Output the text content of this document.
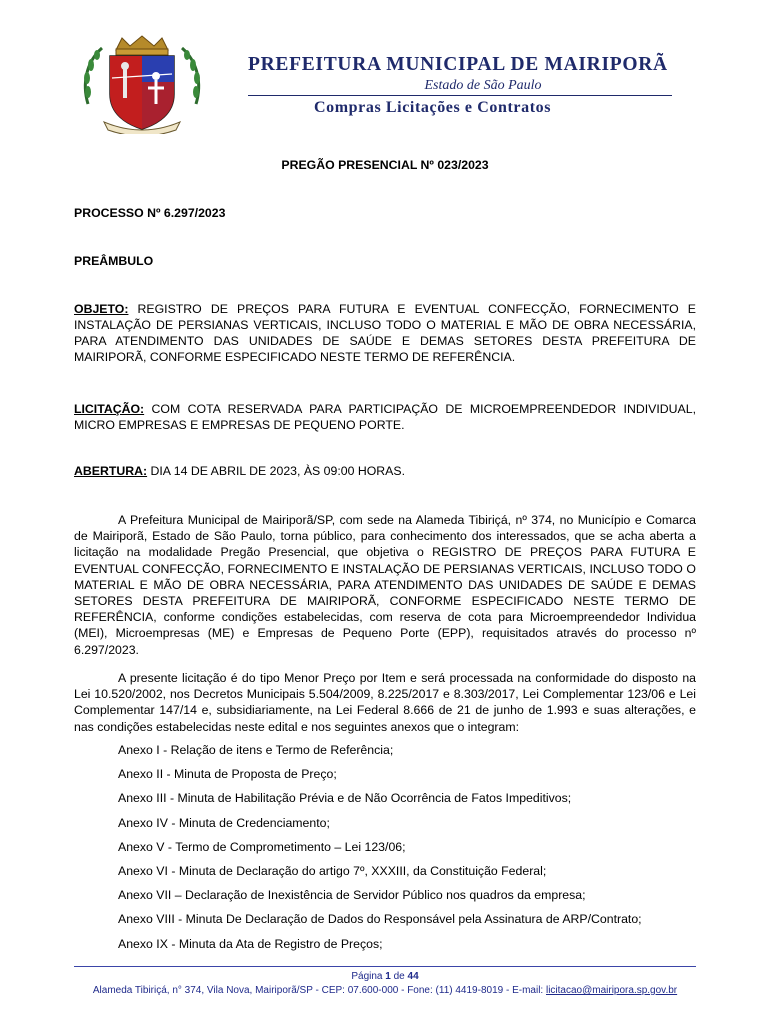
PREFEITURA MUNICIPAL DE MAIRIPORÃ
Estado de São Paulo
Compras Licitações e Contratos
PREGÃO PRESENCIAL Nº 023/2023
PROCESSO Nº 6.297/2023
PREÂMBULO
OBJETO: REGISTRO DE PREÇOS PARA FUTURA E EVENTUAL CONFECÇÃO, FORNECIMENTO E INSTALAÇÃO DE PERSIANAS VERTICAIS, INCLUSO TODO O MATERIAL E MÃO DE OBRA NECESSÁRIA, PARA ATENDIMENTO DAS UNIDADES DE SAÚDE E DEMAS SETORES DESTA PREFEITURA DE MAIRIPORÃ, CONFORME ESPECIFICADO NESTE TERMO DE REFERÊNCIA.
LICITAÇÃO: COM COTA RESERVADA PARA PARTICIPAÇÃO DE MICROEMPREENDEDOR INDIVIDUAL, MICRO EMPRESAS E EMPRESAS DE PEQUENO PORTE.
ABERTURA: DIA 14 DE ABRIL DE 2023, ÀS 09:00 HORAS.
A Prefeitura Municipal de Mairiporã/SP, com sede na Alameda Tibiriçá, nº 374, no Município e Comarca de Mairiporã, Estado de São Paulo, torna público, para conhecimento dos interessados, que se acha aberta a licitação na modalidade Pregão Presencial, que objetiva o REGISTRO DE PREÇOS PARA FUTURA E EVENTUAL CONFECÇÃO, FORNECIMENTO E INSTALAÇÃO DE PERSIANAS VERTICAIS, INCLUSO TODO O MATERIAL E MÃO DE OBRA NECESSÁRIA, PARA ATENDIMENTO DAS UNIDADES DE SAÚDE E DEMAS SETORES DESTA PREFEITURA DE MAIRIPORÃ, CONFORME ESPECIFICADO NESTE TERMO DE REFERÊNCIA, conforme condições estabelecidas, com reserva de cota para Microempreendedor Individua (MEI), Microempresas (ME) e Empresas de Pequeno Porte (EPP), requisitados através do processo nº 6.297/2023.
A presente licitação é do tipo Menor Preço por Item e será processada na conformidade do disposto na Lei 10.520/2002, nos Decretos Municipais 5.504/2009, 8.225/2017 e 8.303/2017, Lei Complementar 123/06 e Lei Complementar 147/14 e, subsidiariamente, na Lei Federal 8.666 de 21 de junho de 1.993 e suas alterações, e nas condições estabelecidas neste edital e nos seguintes anexos que o integram:
Anexo I - Relação de itens e Termo de Referência;
Anexo II - Minuta de Proposta de Preço;
Anexo III - Minuta de Habilitação Prévia e de Não Ocorrência de Fatos Impeditivos;
Anexo IV - Minuta de Credenciamento;
Anexo V - Termo de Comprometimento – Lei 123/06;
Anexo VI - Minuta de Declaração do artigo 7º, XXXIII, da Constituição Federal;
Anexo VII – Declaração de Inexistência de Servidor Público nos quadros da empresa;
Anexo VIII - Minuta De Declaração de Dados do Responsável pela Assinatura de ARP/Contrato;
Anexo IX - Minuta da Ata de Registro de Preços;
Página 1 de 44
Alameda Tibiriçá, n° 374, Vila Nova, Mairiporã/SP - CEP: 07.600-000 - Fone: (11) 4419-8019 - E-mail: licitacao@mairipora.sp.gov.br
